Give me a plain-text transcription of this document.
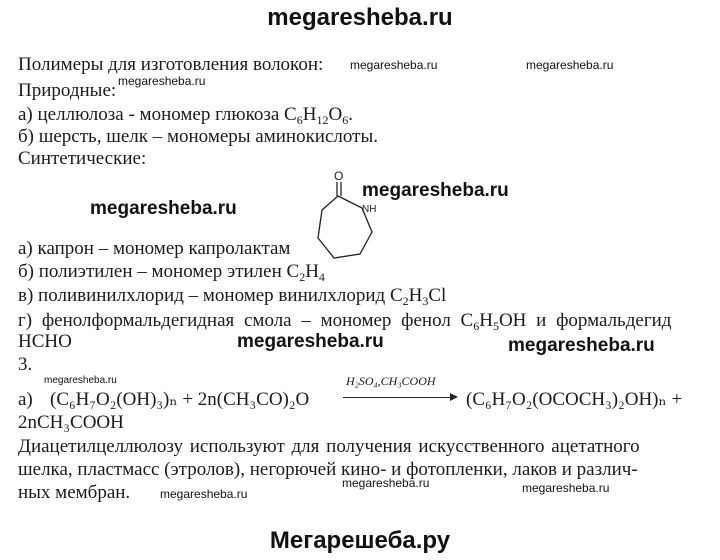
megaresheba.ru
Полимеры для изготовления волокон:
Природные:
а) целлюлоза - мономер глюкоза $C_6H_{12}O_6$.
б) шерсть, шелк – мономеры аминокислоты.
Синтетические:
O
NH
а) капрон – мономер капролактам
б) полиэтилен – мономер этилен $C_2H_4$
в) поливинилхлорид – мономер винилхлорид $C_2H_3Cl$
г) фенолформальдегидная смола – мономер фенол $C_6H_5OH$ и формальдегид
HCHO
3.
а) (C₆H₇O₂(OH)₃)ₙ + 2n(CH₃CO)₂O
H₂SO₄,CH₃COOH
(C₆H₇O₂(OCOCH₃)₂OH)ₙ +
2nCH₃COOH
Диацетилцеллюлозу используют для получения искусственного ацетатного
шелка, пластмасс (этролов), негорючей кино- и фотопленки, лаков и различ-
ных мембран.
megaresheba.ru	megaresheba.ru
megaresheba.ru
megaresheba.ru
megaresheba.ru
megaresheba.ru	megaresheba.ru
megaresheba.ru
megaresheba.ru	megaresheba.ru
megaresheba.ru
Мегарешеба.ру
